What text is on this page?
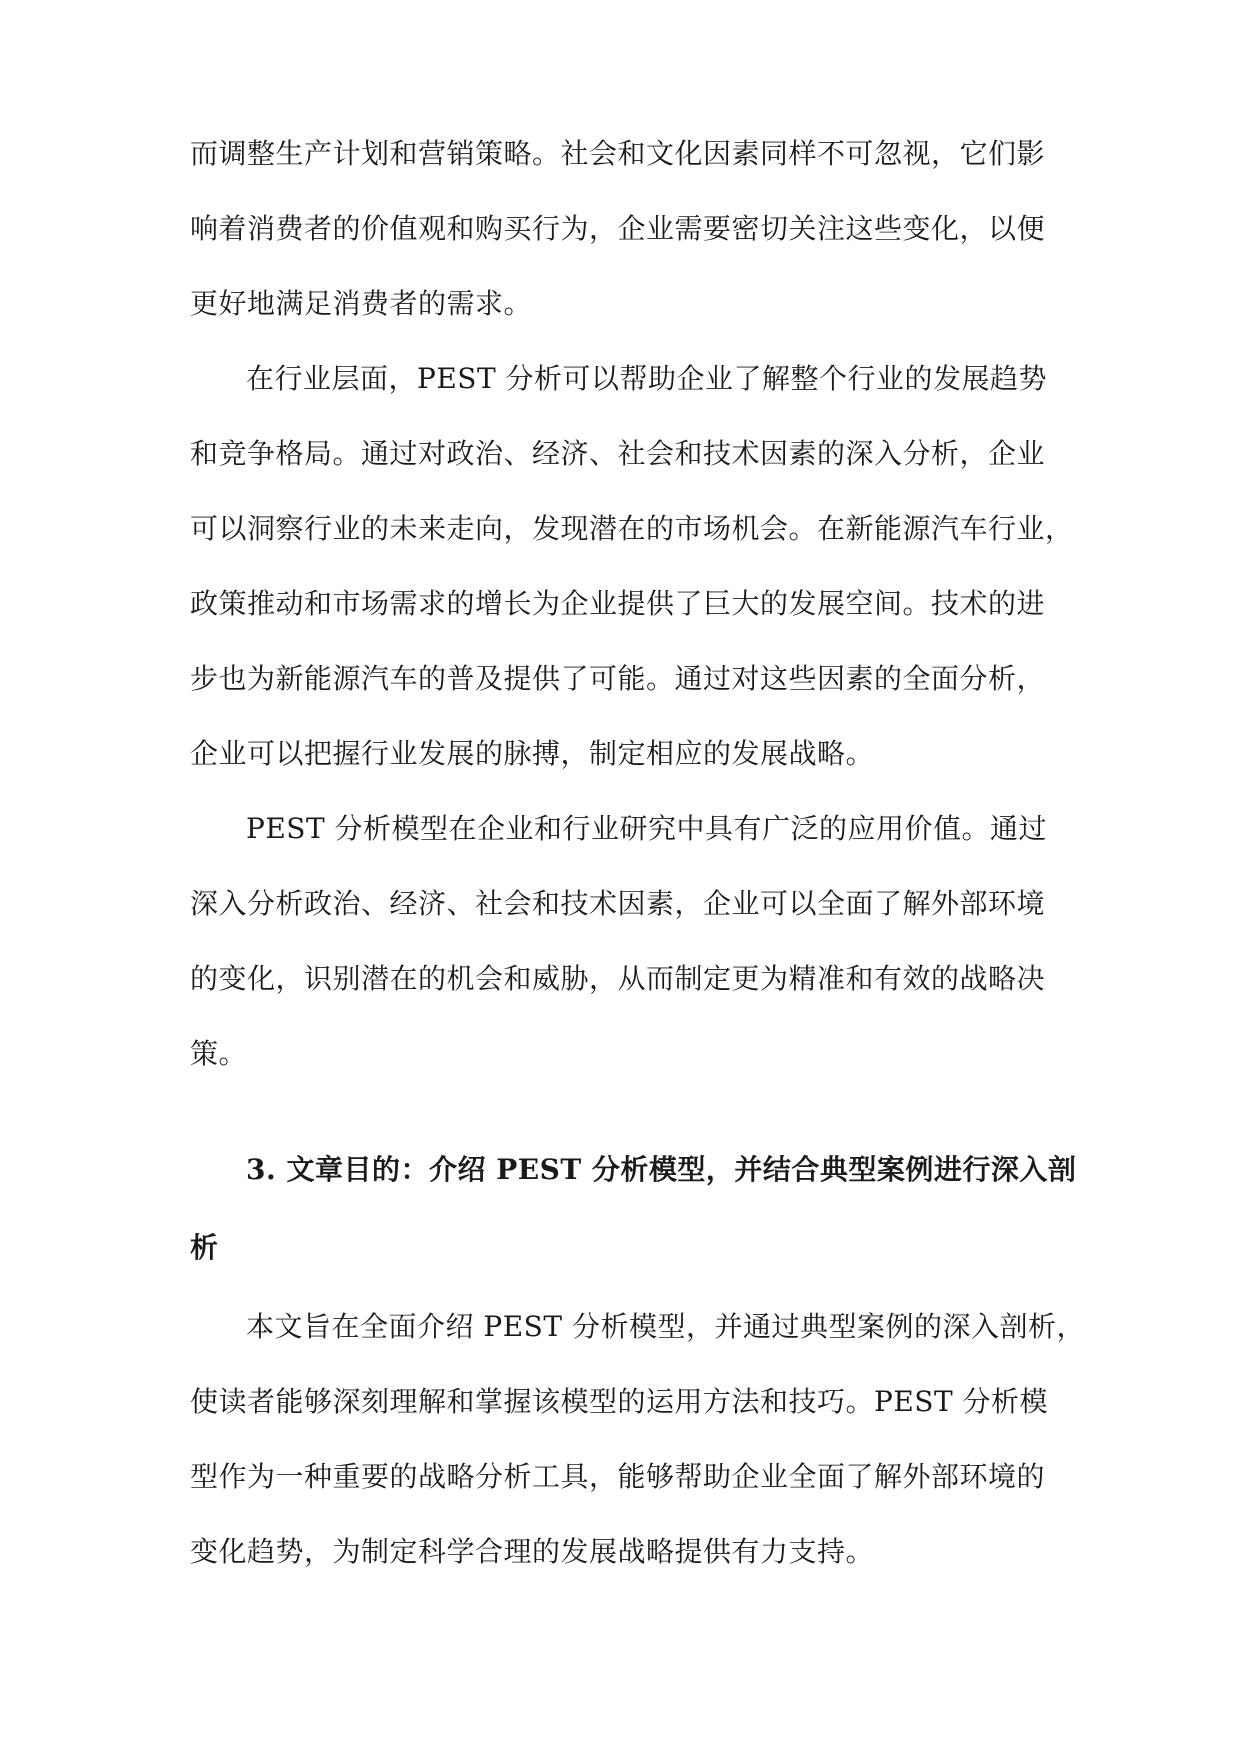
而调整生产计划和营销策略。社会和文化因素同样不可忽视，它们影
响着消费者的价值观和购买行为，企业需要密切关注这些变化，以便
更好地满足消费者的需求。
在行业层面，PEST 分析可以帮助企业了解整个行业的发展趋势
和竞争格局。通过对政治、经济、社会和技术因素的深入分析，企业
可以洞察行业的未来走向，发现潜在的市场机会。在新能源汽车行业，
政策推动和市场需求的增长为企业提供了巨大的发展空间。技术的进
步也为新能源汽车的普及提供了可能。通过对这些因素的全面分析，
企业可以把握行业发展的脉搏，制定相应的发展战略。
PEST 分析模型在企业和行业研究中具有广泛的应用价值。通过
深入分析政治、经济、社会和技术因素，企业可以全面了解外部环境
的变化，识别潜在的机会和威胁，从而制定更为精准和有效的战略决
策。
3. 文章目的：介绍 PEST 分析模型，并结合典型案例进行深入剖
析
本文旨在全面介绍 PEST 分析模型，并通过典型案例的深入剖析，
使读者能够深刻理解和掌握该模型的运用方法和技巧。PEST 分析模
型作为一种重要的战略分析工具，能够帮助企业全面了解外部环境的
变化趋势，为制定科学合理的发展战略提供有力支持。
